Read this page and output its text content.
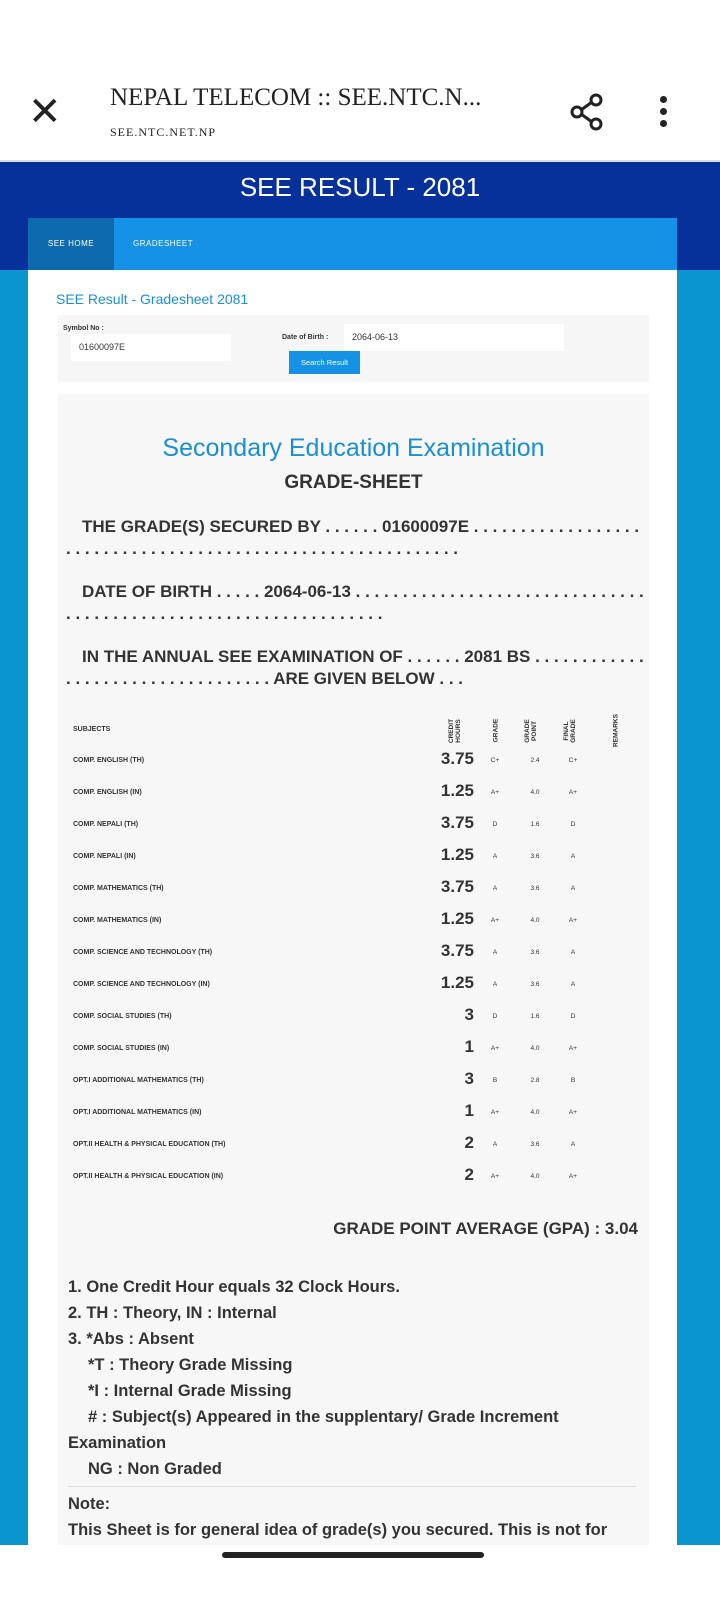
✕ NEPAL TELECOM :: SEE.NTC.N...
SEE.NTC.NET.NP
SEE RESULT - 2081
SEE HOME	GRADESHEET
SEE Result - Gradesheet 2081
Symbol No :
01600097E
Date of Birth :	2064-06-13
Search Result
Secondary Education Examination
GRADE-SHEET
THE GRADE(S) SECURED BY . . . . . . 01600097E . . . . . . . . . . . . . . . . . . . . . . . . . . . . . . . . . . . . . . . . . . . . . . . . . . . . . . . . . . . .
DATE OF BIRTH . . . . . 2064-06-13 . . . . . . . . . . . . . . . . . . . . . . . . . . . . . . . . . . . . . . . . . . . . . . . . . . . . . . . . . . . . . . . . .
IN THE ANNUAL SEE EXAMINATION OF . . . . . . 2081 BS . . . . . . . . . . . . . . . . . . . . . . . . . . . . . . . . . . ARE GIVEN BELOW . . .
SUBJECTS	CREDIT HOURS	GRADE	GRADE POINT	FINAL GRADE	REMARKS
COMP. ENGLISH (TH)	3.75	C+	2.4	C+
COMP. ENGLISH (IN)	1.25	A+	4.0	A+
COMP. NEPALI (TH)	3.75	D	1.6	D
COMP. NEPALI (IN)	1.25	A	3.6	A
COMP. MATHEMATICS (TH)	3.75	A	3.6	A
COMP. MATHEMATICS (IN)	1.25	A+	4.0	A+
COMP. SCIENCE AND TECHNOLOGY (TH)	3.75	A	3.6	A
COMP. SCIENCE AND TECHNOLOGY (IN)	1.25	A	3.6	A
COMP. SOCIAL STUDIES (TH)	3	D	1.6	D
COMP. SOCIAL STUDIES (IN)	1	A+	4.0	A+
OPT.I ADDITIONAL MATHEMATICS (TH)	3	B	2.8	B
OPT.I ADDITIONAL MATHEMATICS (IN)	1	A+	4.0	A+
OPT.II HEALTH & PHYSICAL EDUCATION (TH)	2	A	3.6	A
OPT.II HEALTH & PHYSICAL EDUCATION (IN)	2	A+	4.0	A+
GRADE POINT AVERAGE (GPA) : 3.04
1. One Credit Hour equals 32 Clock Hours.
2. TH : Theory, IN : Internal
3. *Abs : Absent
*T : Theory Grade Missing
*I : Internal Grade Missing
# : Subject(s) Appeared in the supplentary/ Grade Increment
Examination
NG : Non Graded
Note:
This Sheet is for general idea of grade(s) you secured. This is not for
